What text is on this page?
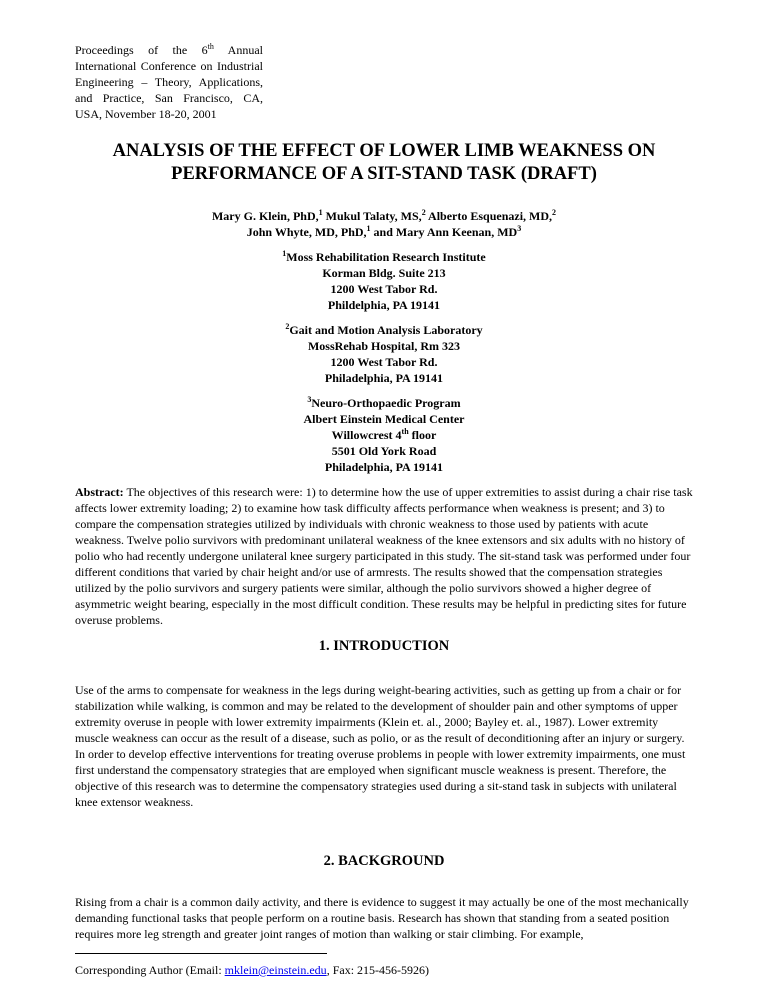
Proceedings of the 6th Annual International Conference on Industrial Engineering – Theory, Applications, and Practice, San Francisco, CA, USA, November 18-20, 2001
ANALYSIS OF THE EFFECT OF LOWER LIMB WEAKNESS ON
PERFORMANCE OF A SIT-STAND TASK (DRAFT)
Mary G. Klein, PhD,$^1$ Mukul Talaty, MS,$^2$ Alberto Esquenazi, MD,$^2$
John Whyte, MD, PhD,$^1$ and Mary Ann Keenan, $MD^3$
$^1$Moss Rehabilitation Research Institute
Korman Bldg. Suite 213
1200 West Tabor Rd.
Phildelphia, PA 19141
$^2$Gait and Motion Analysis Laboratory
MossRehab Hospital, Rm 323
1200 West Tabor Rd.
Philadelphia, PA 19141
$^3$Neuro-Orthopaedic Program
Albert Einstein Medical Center
Willowcrest 4th floor
5501 Old York Road
Philadelphia, PA 19141
Abstract: The objectives of this research were: 1) to determine how the use of upper extremities to assist during a chair rise task affects lower extremity loading; 2) to examine how task difficulty affects performance when weakness is present; and 3) to compare the compensation strategies utilized by individuals with chronic weakness to those used by patients with acute weakness. Twelve polio survivors with predominant unilateral weakness of the knee extensors and six adults with no history of polio who had recently undergone unilateral knee surgery participated in this study. The sit-stand task was performed under four different conditions that varied by chair height and/or use of armrests. The results showed that the compensation strategies utilized by the polio survivors and surgery patients were similar, although the polio survivors showed a higher degree of asymmetric weight bearing, especially in the most difficult condition. These results may be helpful in predicting sites for future overuse problems.
1. INTRODUCTION
Use of the arms to compensate for weakness in the legs during weight-bearing activities, such as getting up from a chair or for stabilization while walking, is common and may be related to the development of shoulder pain and other symptoms of upper extremity overuse in people with lower extremity impairments (Klein et. al., 2000; Bayley et. al., 1987). Lower extremity muscle weakness can occur as the result of a disease, such as polio, or as the result of deconditioning after an injury or surgery. In order to develop effective interventions for treating overuse problems in people with lower extremity impairments, one must first understand the compensatory strategies that are employed when significant muscle weakness is present. Therefore, the objective of this research was to determine the compensatory strategies used during a sit-stand task in subjects with unilateral knee extensor weakness.
2. BACKGROUND
Rising from a chair is a common daily activity, and there is evidence to suggest it may actually be one of the most mechanically demanding functional tasks that people perform on a routine basis. Research has shown that standing from a seated position requires more leg strength and greater joint ranges of motion than walking or stair climbing. For example,
Corresponding Author (Email: mklein@einstein.edu, Fax: 215-456-5926)
